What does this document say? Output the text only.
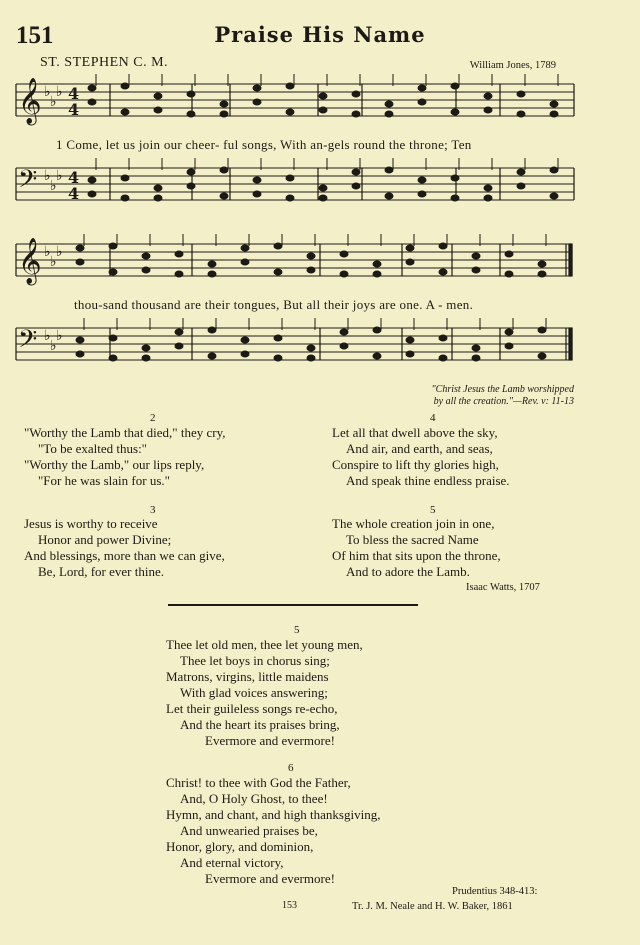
151	Praise His Name
ST. STEPHEN C. M.	William Jones, 1789
𝄞 ♭
♭
♭ 4
4
𝄢 ♭
♭
♭ 4
4
𝄞 ♭
♭
♭
𝄢 ♭
♭
♭
1 Come, let us join our cheer- ful songs, With an-gels round the throne; Ten
thou-sand thousand are their tongues, But all their joys are one. A - men.
"Christ Jesus the Lamb worshipped
by all the creation."—Rev. v: 11-13
2
"Worthy the Lamb that died," they cry,
"To be exalted thus:"
"Worthy the Lamb," our lips reply,
"For he was slain for us."
3
Jesus is worthy to receive
Honor and power Divine;
And blessings, more than we can give,
Be, Lord, for ever thine.
4
Let all that dwell above the sky,
And air, and earth, and seas,
Conspire to lift thy glories high,
And speak thine endless praise.
5
The whole creation join in one,
To bless the sacred Name
Of him that sits upon the throne,
And to adore the Lamb.
Isaac Watts, 1707
5
Thee let old men, thee let young men,
Thee let boys in chorus sing;
Matrons, virgins, little maidens
With glad voices answering;
Let their guileless songs re-echo,
And the heart its praises bring,
Evermore and evermore!
6
Christ! to thee with God the Father,
And, O Holy Ghost, to thee!
Hymn, and chant, and high thanksgiving,
And unwearied praises be,
Honor, glory, and dominion,
And eternal victory,
Evermore and evermore!
Prudentius 348-413:
Tr. J. M. Neale and H. W. Baker, 1861
153
